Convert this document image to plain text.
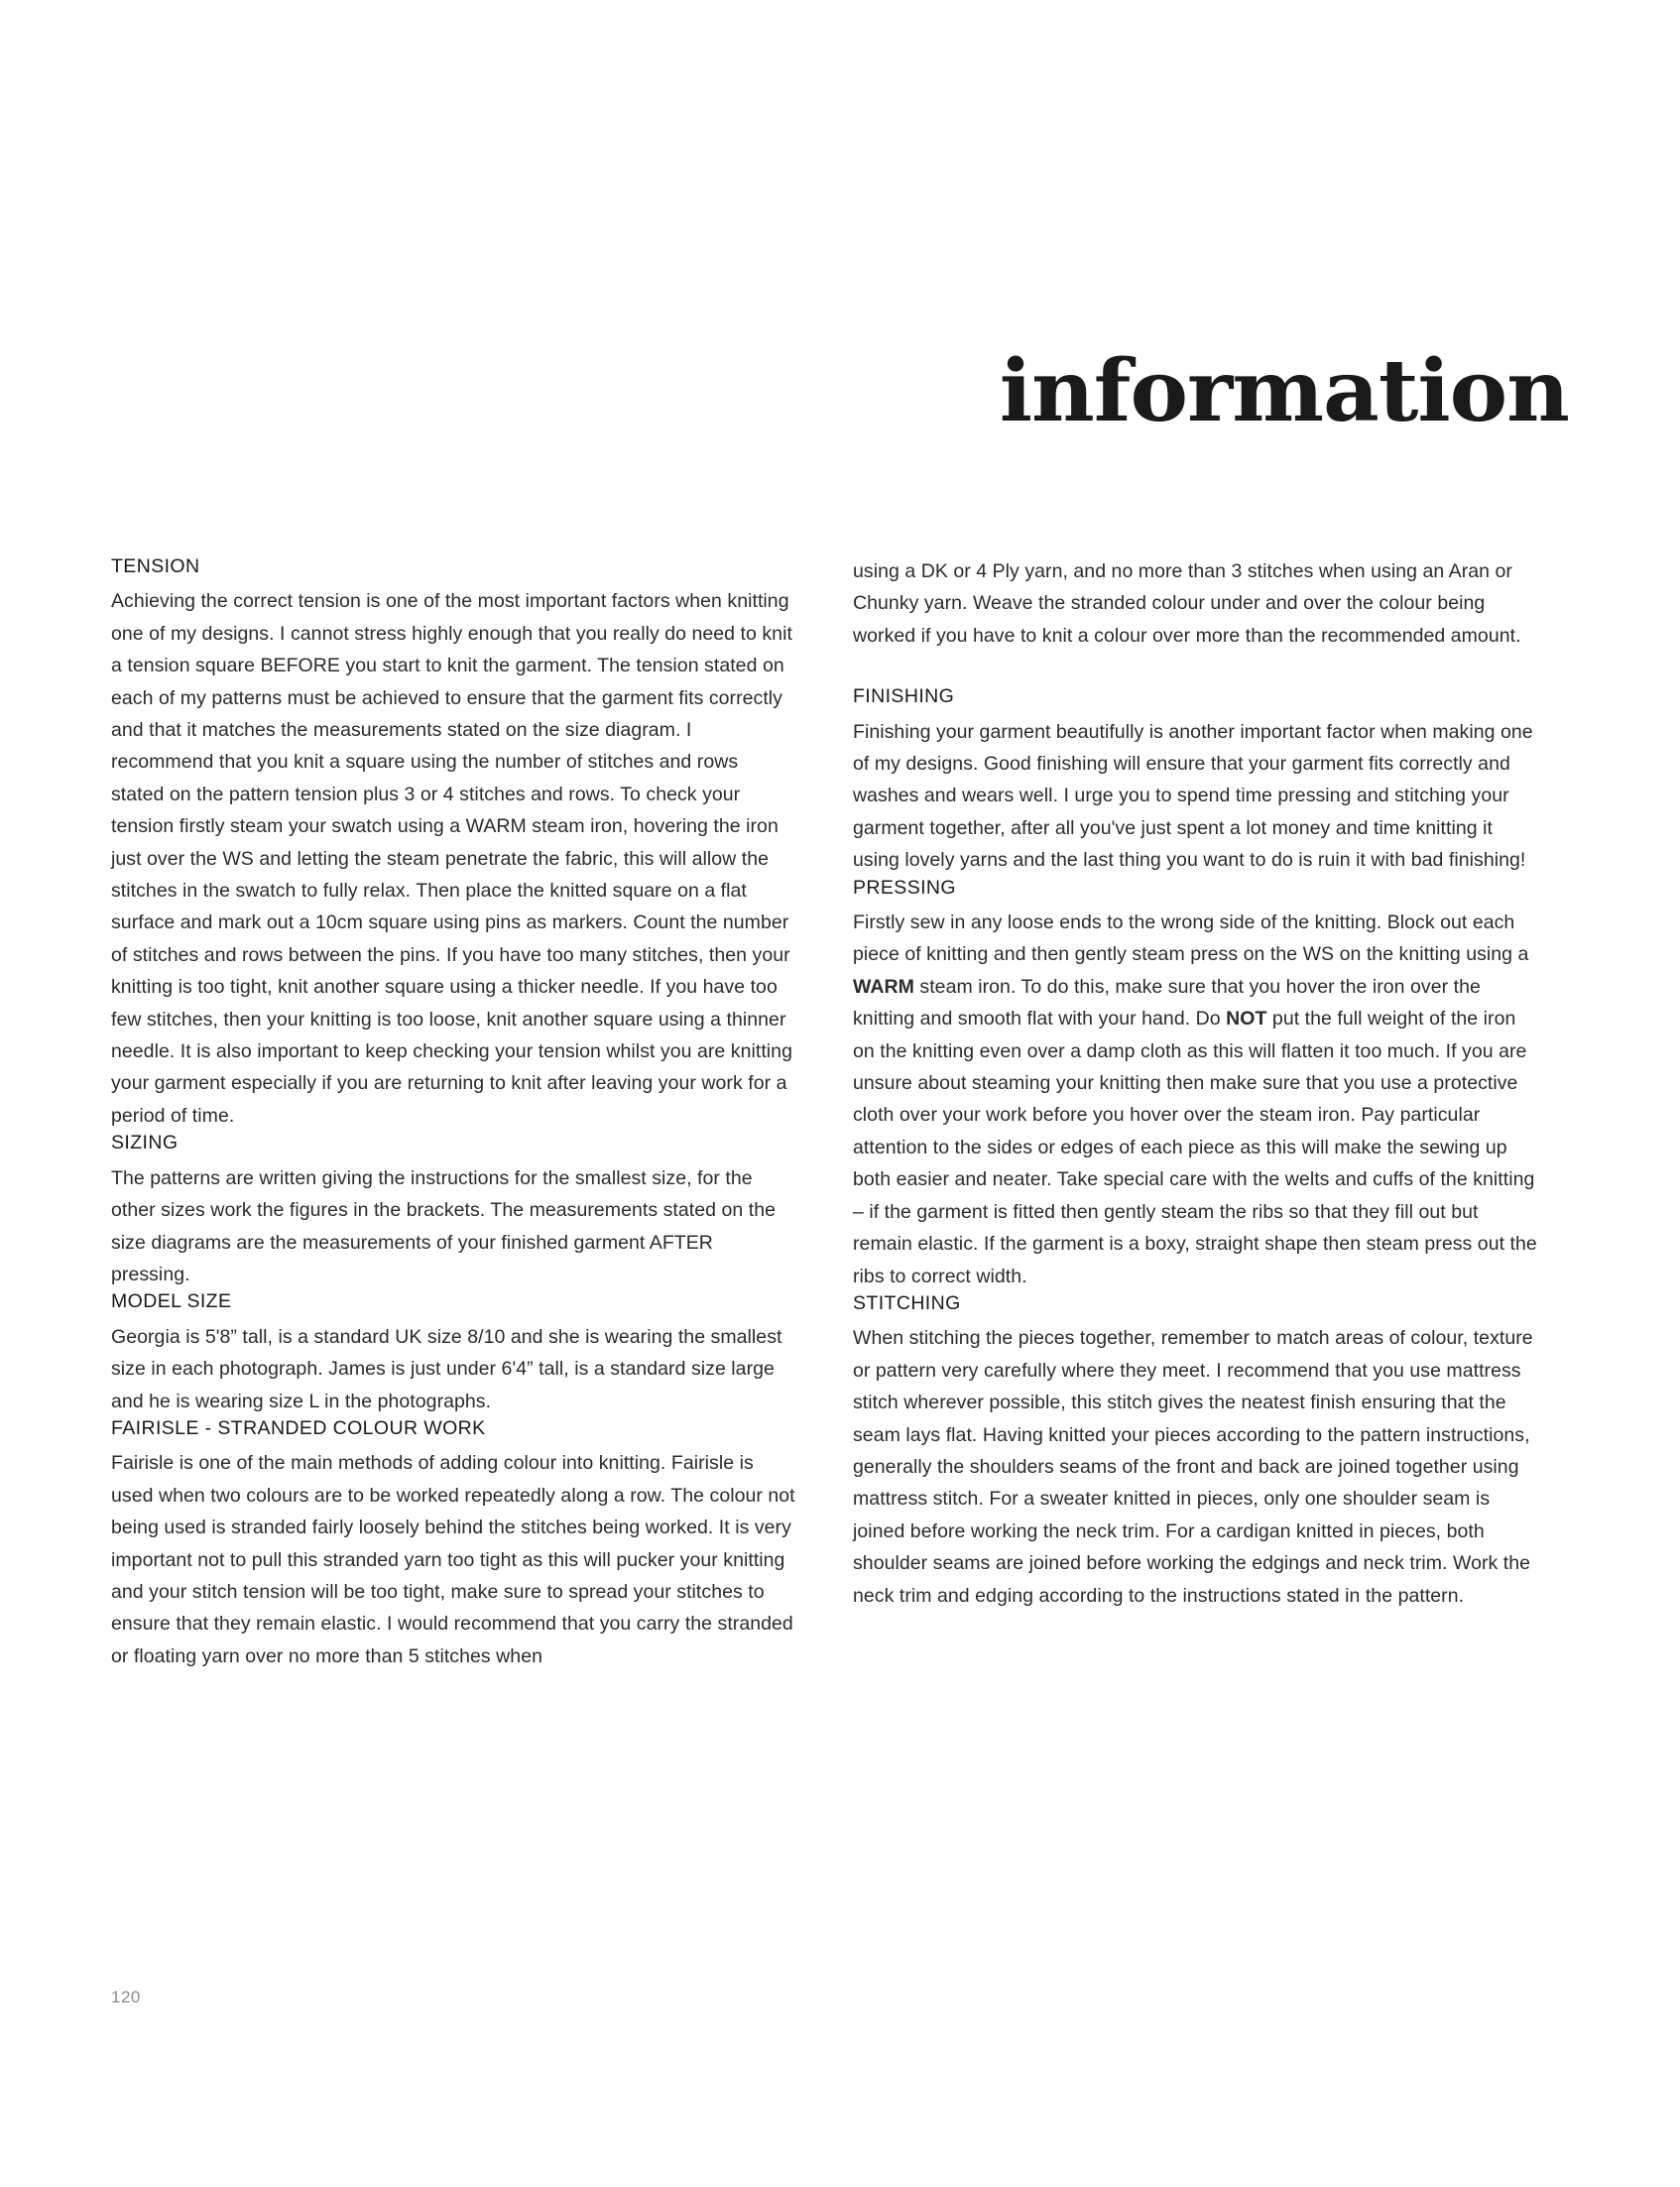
information
TENSION

Achieving the correct tension is one of the most important factors when knitting one of my designs. I cannot stress highly enough that you really do need to knit a tension square BEFORE you start to knit the garment. The tension stated on each of my patterns must be achieved to ensure that the garment fits correctly and that it matches the measurements stated on the size diagram. I recommend that you knit a square using the number of stitches and rows stated on the pattern tension plus 3 or 4 stitches and rows. To check your tension firstly steam your swatch using a WARM steam iron, hovering the iron just over the WS and letting the steam penetrate the fabric, this will allow the stitches in the swatch to fully relax. Then place the knitted square on a flat surface and mark out a 10cm square using pins as markers. Count the number of stitches and rows between the pins. If you have too many stitches, then your knitting is too tight, knit another square using a thicker needle. If you have too few stitches, then your knitting is too loose, knit another square using a thinner needle. It is also important to keep checking your tension whilst you are knitting your garment especially if you are returning to knit after leaving your work for a period of time.

SIZING

The patterns are written giving the instructions for the smallest size, for the other sizes work the figures in the brackets. The measurements stated on the size diagrams are the measurements of your finished garment AFTER pressing.

MODEL SIZE

Georgia is 5'8” tall, is a standard UK size 8/10 and she is wearing the smallest size in each photograph. James is just under 6'4” tall, is a standard size large and he is wearing size L in the photographs.

FAIRISLE - STRANDED COLOUR WORK

Fairisle is one of the main methods of adding colour into knitting. Fairisle is used when two colours are to be worked repeatedly along a row. The colour not being used is stranded fairly loosely behind the stitches being worked. It is very important not to pull this stranded yarn too tight as this will pucker your knitting and your stitch tension will be too tight, make sure to spread your stitches to ensure that they remain elastic. I would recommend that you carry the stranded or floating yarn over no more than 5 stitches when

using a DK or 4 Ply yarn, and no more than 3 stitches when using an Aran or Chunky yarn. Weave the stranded colour under and over the colour being worked if you have to knit a colour over more than the recommended amount.

FINISHING

Finishing your garment beautifully is another important factor when making one of my designs. Good finishing will ensure that your garment fits correctly and washes and wears well. I urge you to spend time pressing and stitching your garment together, after all you've just spent a lot money and time knitting it using lovely yarns and the last thing you want to do is ruin it with bad finishing!

PRESSING

Firstly sew in any loose ends to the wrong side of the knitting. Block out each piece of knitting and then gently steam press on the WS on the knitting using a WARM steam iron. To do this, make sure that you hover the iron over the knitting and smooth flat with your hand. Do NOT put the full weight of the iron on the knitting even over a damp cloth as this will flatten it too much. If you are unsure about steaming your knitting then make sure that you use a protective cloth over your work before you hover over the steam iron. Pay particular attention to the sides or edges of each piece as this will make the sewing up both easier and neater. Take special care with the welts and cuffs of the knitting – if the garment is fitted then gently steam the ribs so that they fill out but remain elastic. If the garment is a boxy, straight shape then steam press out the ribs to correct width.

STITCHING

When stitching the pieces together, remember to match areas of colour, texture or pattern very carefully where they meet. I recommend that you use mattress stitch wherever possible, this stitch gives the neatest finish ensuring that the seam lays flat. Having knitted your pieces according to the pattern instructions, generally the shoulders seams of the front and back are joined together using mattress stitch. For a sweater knitted in pieces, only one shoulder seam is joined before working the neck trim. For a cardigan knitted in pieces, both shoulder seams are joined before working the edgings and neck trim. Work the neck trim and edging according to the instructions stated in the pattern.

120
